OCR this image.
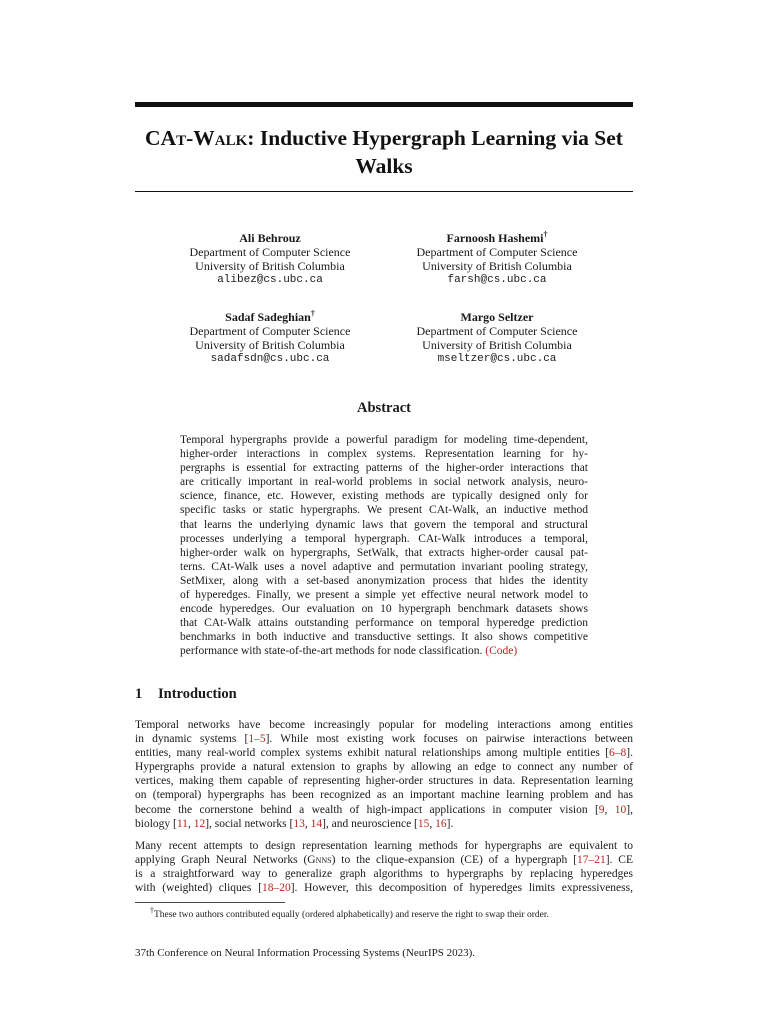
CAt-Walk: Inductive Hypergraph Learning via Set
Walks
Ali Behrouz
Department of Computer Science
University of British Columbia
alibez@cs.ubc.ca
Farnoosh Hashemi†
Department of Computer Science
University of British Columbia
farsh@cs.ubc.ca
Sadaf Sadeghian†
Department of Computer Science
University of British Columbia
sadafsdn@cs.ubc.ca
Margo Seltzer
Department of Computer Science
University of British Columbia
mseltzer@cs.ubc.ca
Abstract
Temporal hypergraphs provide a powerful paradigm for modeling time-dependent,
higher-order interactions in complex systems. Representation learning for hy-
pergraphs is essential for extracting patterns of the higher-order interactions that
are critically important in real-world problems in social network analysis, neuro-
science, finance, etc. However, existing methods are typically designed only for
specific tasks or static hypergraphs. We present CAt-Walk, an inductive method
that learns the underlying dynamic laws that govern the temporal and structural
processes underlying a temporal hypergraph. CAt-Walk introduces a temporal,
higher-order walk on hypergraphs, SetWalk, that extracts higher-order causal pat-
terns. CAt-Walk uses a novel adaptive and permutation invariant pooling strategy,
SetMixer, along with a set-based anonymization process that hides the identity
of hyperedges. Finally, we present a simple yet effective neural network model to
encode hyperedges. Our evaluation on 10 hypergraph benchmark datasets shows
that CAt-Walk attains outstanding performance on temporal hyperedge prediction
benchmarks in both inductive and transductive settings. It also shows competitive
performance with state-of-the-art methods for node classification. (Code)
1 Introduction
Temporal networks have become increasingly popular for modeling interactions among entities
in dynamic systems [1–5]. While most existing work focuses on pairwise interactions between
entities, many real-world complex systems exhibit natural relationships among multiple entities [6–8].
Hypergraphs provide a natural extension to graphs by allowing an edge to connect any number of
vertices, making them capable of representing higher-order structures in data. Representation learning
on (temporal) hypergraphs has been recognized as an important machine learning problem and has
become the cornerstone behind a wealth of high-impact applications in computer vision [9, 10],
biology [11, 12], social networks [13, 14], and neuroscience [15, 16].
Many recent attempts to design representation learning methods for hypergraphs are equivalent to
applying Graph Neural Networks (Gnns) to the clique-expansion (CE) of a hypergraph [17–21]. CE
is a straightforward way to generalize graph algorithms to hypergraphs by replacing hyperedges
with (weighted) cliques [18–20]. However, this decomposition of hyperedges limits expressiveness,
†These two authors contributed equally (ordered alphabetically) and reserve the right to swap their order.
37th Conference on Neural Information Processing Systems (NeurIPS 2023).
